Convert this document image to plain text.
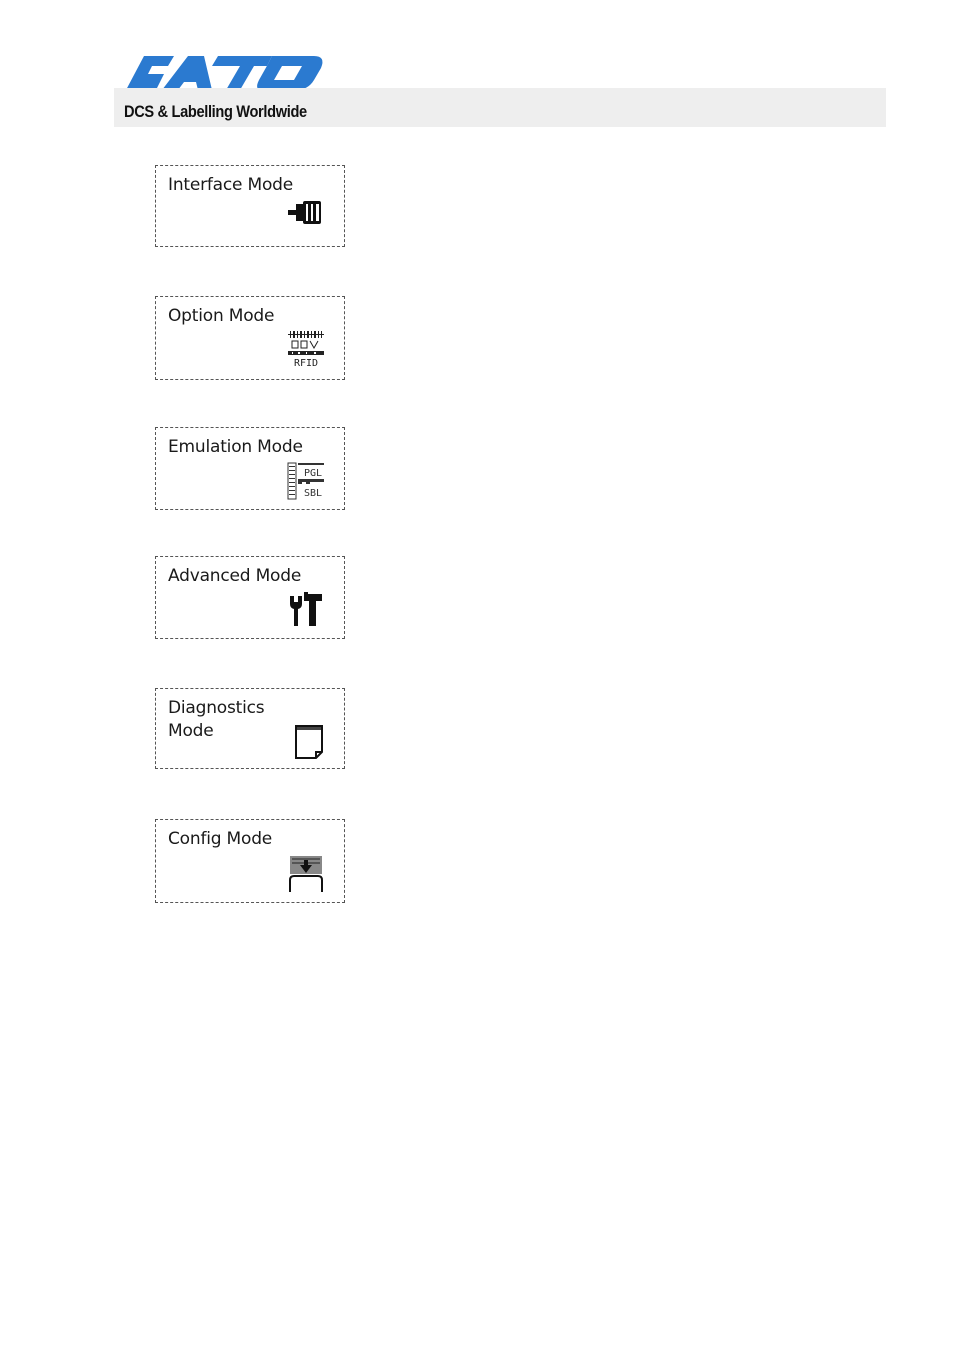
DCS & Labelling Worldwide
Interface Mode
Option Mode
RFID
Emulation Mode
PGL
SBL
Advanced Mode
Diagnostics
Mode
Config Mode
